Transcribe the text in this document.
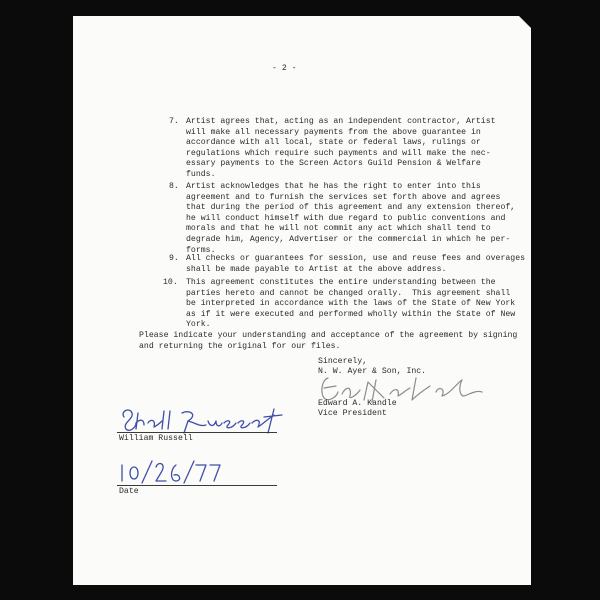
- 2 -
7. Artist agrees that, acting as an independent contractor, Artist
will make all necessary payments from the above guarantee in
accordance with all local, state or federal laws, rulings or
regulations which require such payments and will make the nec-
essary payments to the Screen Actors Guild Pension & Welfare
funds.
8. Artist acknowledges that he has the right to enter into this
agreement and to furnish the services set forth above and agrees
that during the period of this agreement and any extension thereof,
he will conduct himself with due regard to public conventions and
morals and that he will not commit any act which shall tend to
degrade him, Agency, Advertiser or the commercial in which he per-
forms.
9. All checks or guarantees for session, use and reuse fees and overages
shall be made payable to Artist at the above address.
10. This agreement constitutes the entire understanding between the
parties hereto and cannot be changed orally.  This agreement shall
be interpreted in accordance with the laws of the State of New York
as if it were executed and performed wholly within the State of New
York.
Please indicate your understanding and acceptance of the agreement by signing
and returning the original for our files.
Sincerely,
N. W. Ayer & Son, Inc.
Edward A. Kandle
Vice President
William Russell
Date
